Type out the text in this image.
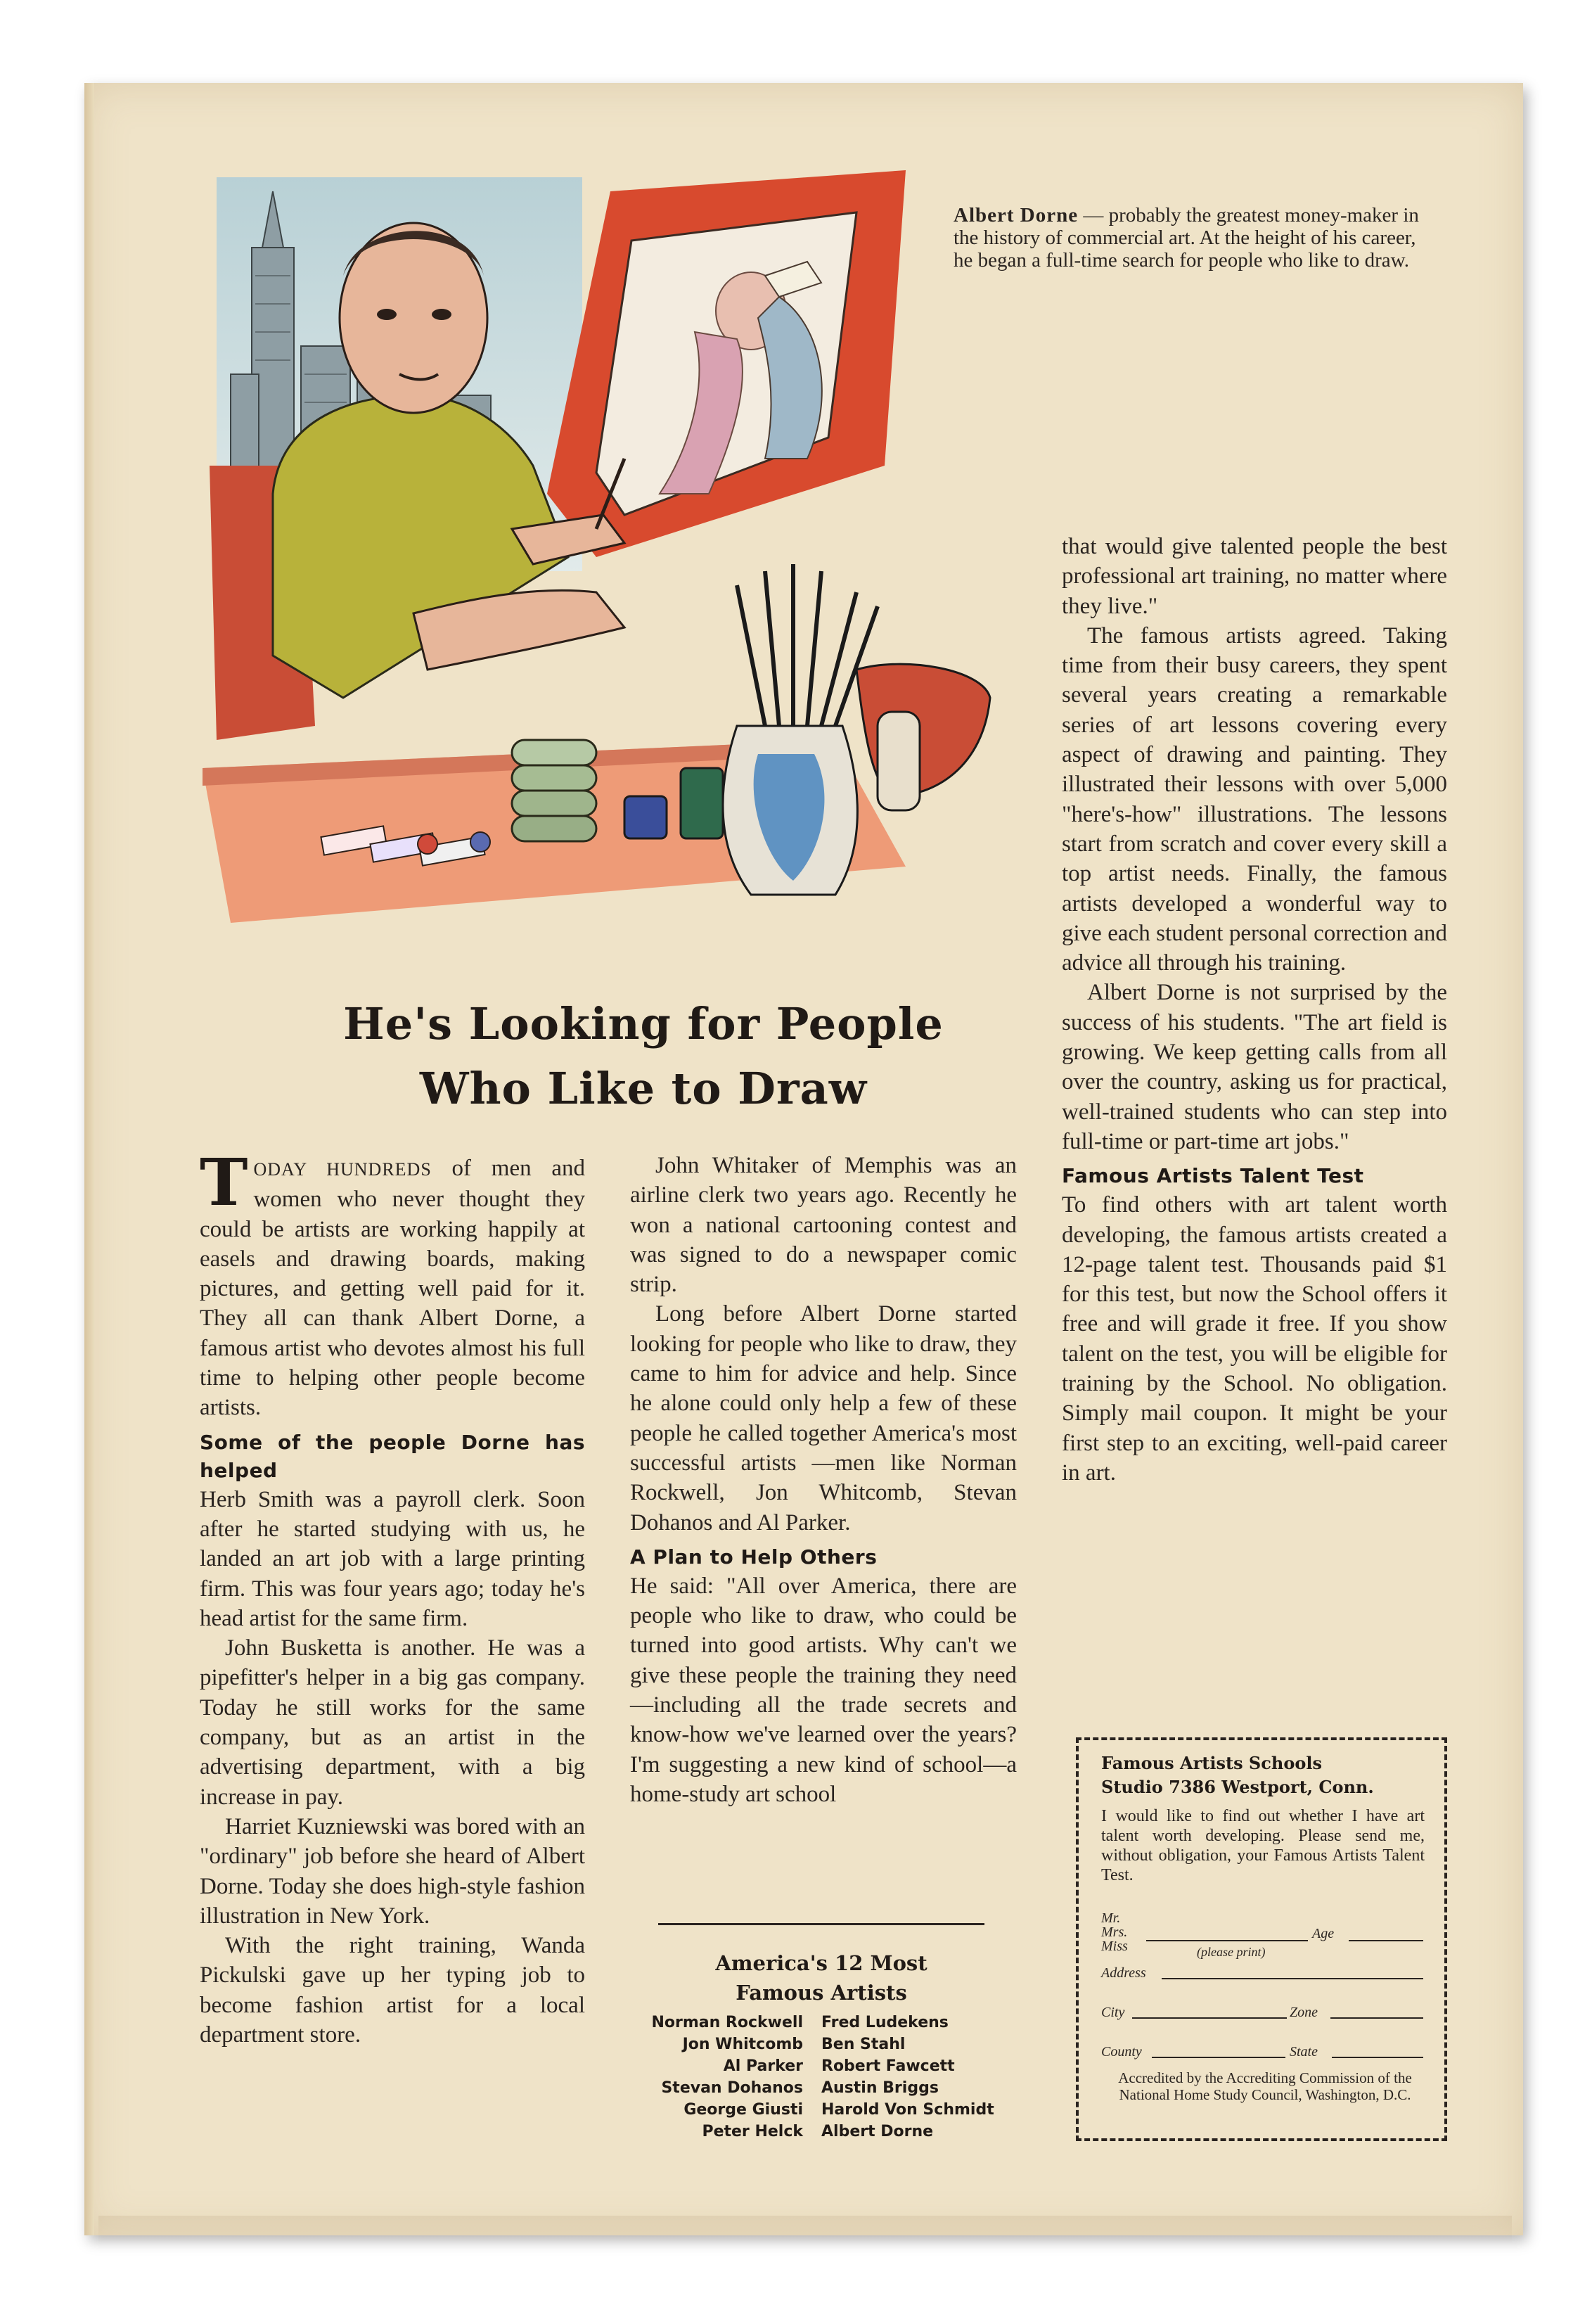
Albert Dorne — probably the greatest money-maker in the history of commercial art. At the height of his career, he began a full-time search for people who like to draw.
He's Looking for People
Who Like to Draw

TODAY HUNDREDS of men and women who never thought they could be artists are working happily at easels and drawing boards, making pictures, and getting well paid for it. They all can thank Albert Dorne, a famous artist who devotes almost his full time to helping other people become artists.

Some of the people Dorne has helped

Herb Smith was a payroll clerk. Soon after he started studying with us, he landed an art job with a large printing firm. This was four years ago; today he's head artist for the same firm.

John Busketta is another. He was a pipefitter's helper in a big gas company. Today he still works for the same company, but as an artist in the advertising department, with a big increase in pay.

Harriet Kuzniewski was bored with an "ordinary" job before she heard of Albert Dorne. Today she does high-style fashion illustration in New York.

With the right training, Wanda Pickulski gave up her typing job to become fashion artist for a local department store.

John Whitaker of Memphis was an airline clerk two years ago. Recently he won a national cartooning contest and was signed to do a newspaper comic strip.

Long before Albert Dorne started looking for people who like to draw, they came to him for advice and help. Since he alone could only help a few of these people he called together America's most successful artists —men like Norman Rockwell, Jon Whitcomb, Stevan Dohanos and Al Parker.

A Plan to Help Others

He said: "All over America, there are people who like to draw, who could be turned into good artists. Why can't we give these people the training they need—including all the trade secrets and know-how we've learned over the years? I'm suggesting a new kind of school—a home-study art school

that would give talented people the best professional art training, no matter where they live."

The famous artists agreed. Taking time from their busy careers, they spent several years creating a remarkable series of art lessons covering every aspect of drawing and painting. They illustrated their lessons with over 5,000 "here's-how" illustrations. The lessons start from scratch and cover every skill a top artist needs. Finally, the famous artists developed a wonderful way to give each student personal correction and advice all through his training.

Albert Dorne is not surprised by the success of his students. "The art field is growing. We keep getting calls from all over the country, asking us for practical, well-trained students who can step into full-time or part-time art jobs."

Famous Artists Talent Test

To find others with art talent worth developing, the famous artists created a 12-page talent test. Thousands paid $1 for this test, but now the School offers it free and will grade it free. If you show talent on the test, you will be eligible for training by the School. No obligation. Simply mail coupon. It might be your first step to an exciting, well-paid career in art.

America's 12 Most
Famous Artists
Norman Rockwell	Fred Ludekens
Jon Whitcomb	Ben Stahl
Al Parker	Robert Fawcett
Stevan Dohanos	Austin Briggs
George Giusti	Harold Von Schmidt
Peter Helck	Albert Dorne
Famous Artists Schools
Studio 7386 Westport, Conn.
I would like to find out whether I have art talent worth developing. Please send me, without obligation, your Famous Artists Talent Test.
Mr.
Mrs.
Miss
Age
(please print)
Address
City	Zone
County	State
Accredited by the Accrediting Commission of the National Home Study Council, Washington, D.C.
